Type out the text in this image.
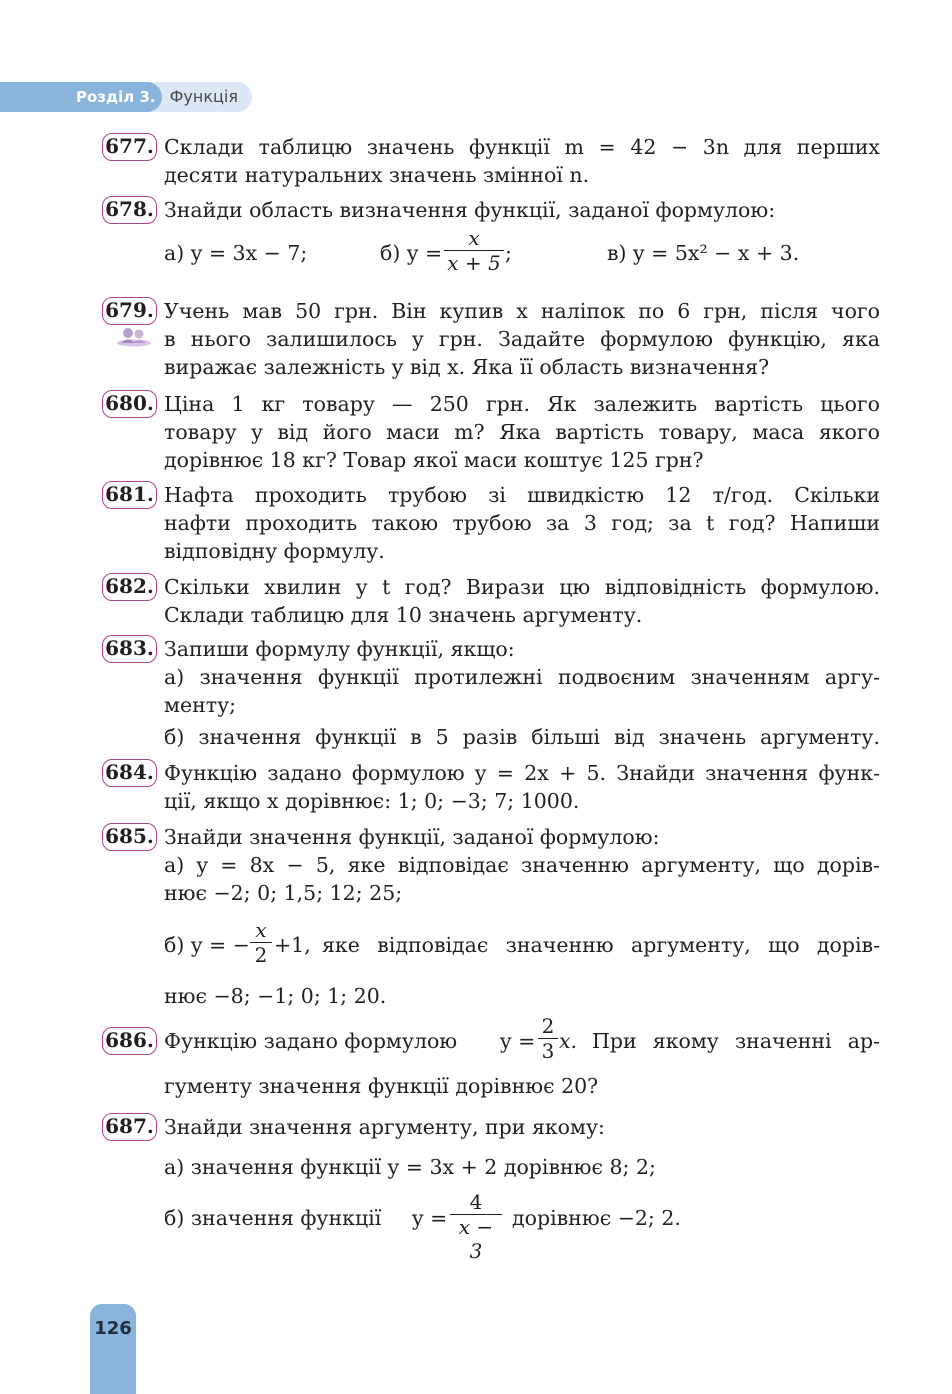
Розділ 3. Функція
677. Склади таблицю значень функції m = 42 − 3n для перших
десяти натуральних значень змінної n.
678. Знайди область визначення функції, заданої формулою:
а) y = 3x − 7;	б) y =
x
x + 5 ;	в) y = 5x² − x + 3.
679. Учень мав 50 грн. Він купив x наліпок по 6 грн, після чого
в нього залишилось y грн. Задайте формулою функцію, яка
виражає залежність y від x. Яка її область визначення?
680. Ціна 1 кг товару — 250 грн. Як залежить вартість цього
товару y від його маси m? Яка вартість товару, маса якого
дорівнює 18 кг? Товар якої маси коштує 125 грн?
681. Нафта проходить трубою зі швидкістю 12 т/год. Скільки
нафти проходить такою трубою за 3 год; за t год? Напиши
відповідну формулу.
682. Скільки хвилин у t год? Вирази цю відповідність формулою.
Склади таблицю для 10 значень аргументу.
683. Запиши формулу функції, якщо:
а) значення функції протилежні подвоєним значенням аргу-
менту;
б) значення функції в 5 разів більші від значень аргументу.
684. Функцію задано формулою y = 2x + 5. Знайди значення функ-
ції, якщо x дорівнює: 1; 0; −3; 7; 1000.
685. Знайди значення функції, заданої формулою:
а) y = 8x − 5, яке відповідає значенню аргументу, що дорів-
нює −2; 0; 1,5; 12; 25;
б) y = −
x
2 +1, яке відповідає значенню аргументу, що дорів-
нює −8; −1; 0; 1; 20.
686. Функцію задано формулою y =
2
3 x. При якому значенні ар-
гументу значення функції дорівнює 20?
687. Знайди значення аргументу, при якому:
а) значення функції y = 3x + 2 дорівнює 8; 2;
б) значення функції y =
4
x − 3
дорівнює −2; 2.
126
